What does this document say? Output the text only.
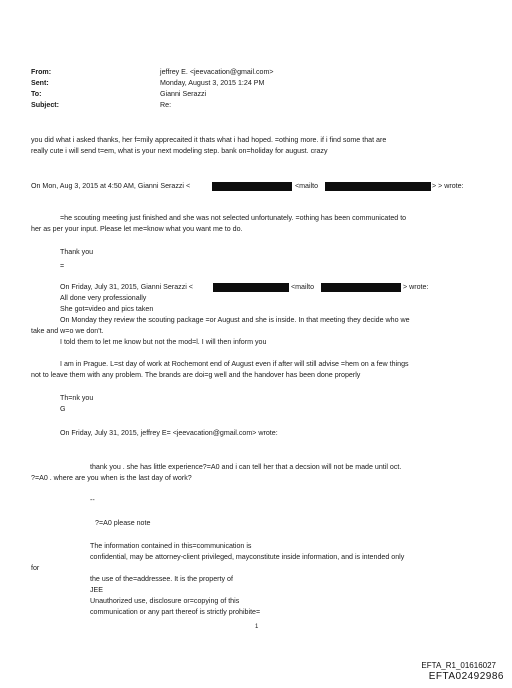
From:	jeffrey E. <jeevacation@gmail.com>
Sent:	Monday, August 3, 2015 1:24 PM
To:	Gianni Serazzi
Subject:	Re:
you did what i asked thanks, her f=mily apprecaited it thats what i had hoped. =othing more. if i find some that are
really cute i will send t=em, what is your next modeling step. bank on=holiday for august. crazy
On Mon, Aug 3, 2015 at 4:50 AM, Gianni Serazzi <	<mailto	> > wrote:
=he scouting meeting just finished and she was not selected unfortunately. =othing has been communicated to
her as per your input. Please let me=know what you want me to do.
Thank you
=
On Friday, July 31, 2015, Gianni Serazzi <	<mailto	> wrote:
All done very professionally
She got=video and pics taken
On Monday they review the scouting package =or August and she is inside. In that meeting they decide who we
take and w=o we don't.
I told them to let me know but not the mod=l. I will then inform you
I am in Prague. L=st day of work at Rochemont end of August even if after will still advise =hem on a few things
not to leave them with any problem. The brands are doi=g well and the handover has been done properly
Th=nk you
G
On Friday, July 31, 2015, jeffrey E= <jeevacation@gmail.com> wrote:
thank you . she has little experience?=A0 and i can tell her that a decsion will not be made until oct.
?=A0 . where are you when is the last day of work?
--
?=A0 please note
The information contained in this=communication is
confidential, may be attorney-client privileged, mayconstitute inside information, and is intended only
for
the use of the=addressee. It is the property of
JEE
Unauthorized use, disclosure or=copying of this
communication or any part thereof is strictly prohibite=
1
EFTA_R1_01616027
EFTA02492986
